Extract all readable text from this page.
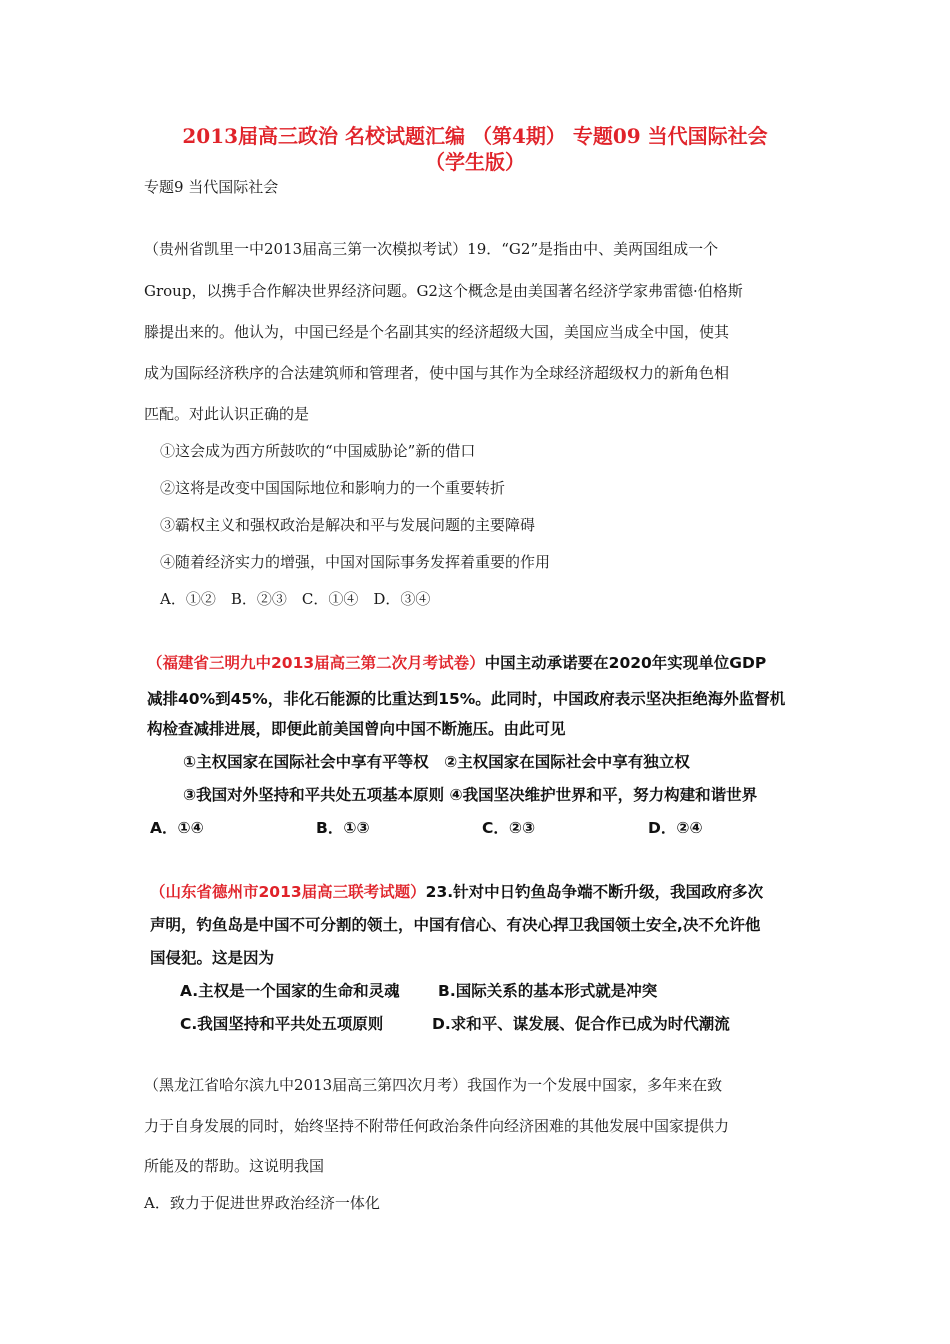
2013届高三政治 名校试题汇编 （第4期） 专题09 当代国际社会
（学生版）
专题9 当代国际社会
（贵州省凯里一中2013届高三第一次模拟考试）19．“G2”是指由中、美两国组成一个
Group，以携手合作解决世界经济问题。G2这个概念是由美国著名经济学家弗雷德·伯格斯
滕提出来的。他认为，中国已经是个名副其实的经济超级大国，美国应当成全中国，使其
成为国际经济秩序的合法建筑师和管理者，使中国与其作为全球经济超级权力的新角色相
匹配。对此认识正确的是
①这会成为西方所鼓吹的“中国威胁论”新的借口
②这将是改变中国国际地位和影响力的一个重要转折
③霸权主义和强权政治是解决和平与发展问题的主要障碍
④随着经济实力的增强，中国对国际事务发挥着重要的作用
A．①②　B．②③　C．①④　D．③④
（福建省三明九中2013届高三第二次月考试卷）中国主动承诺要在2020年实现单位GDP
减排40%到45%，非化石能源的比重达到15%。此同时，中国政府表示坚决拒绝海外监督机
构检查减排进展，即便此前美国曾向中国不断施压。由此可见
①主权国家在国际社会中享有平等权　②主权国家在国际社会中享有独立权
③我国对外坚持和平共处五项基本原则 ④我国坚决维护世界和平，努力构建和谐世界
A．①④	B．①③	C．②③	D．②④
（山东省德州市2013届高三联考试题）23.针对中日钓鱼岛争端不断升级，我国政府多次
声明，钓鱼岛是中国不可分割的领土，中国有信心、有决心捍卫我国领土安全,决不允许他
国侵犯。这是因为
A.主权是一个国家的生命和灵魂 B.国际关系的基本形式就是冲突
C.我国坚持和平共处五项原则	D.求和平、谋发展、促合作已成为时代潮流
（黑龙江省哈尔滨九中2013届高三第四次月考）我国作为一个发展中国家，多年来在致
力于自身发展的同时，始终坚持不附带任何政治条件向经济困难的其他发展中国家提供力
所能及的帮助。这说明我国
A．致力于促进世界政治经济一体化
